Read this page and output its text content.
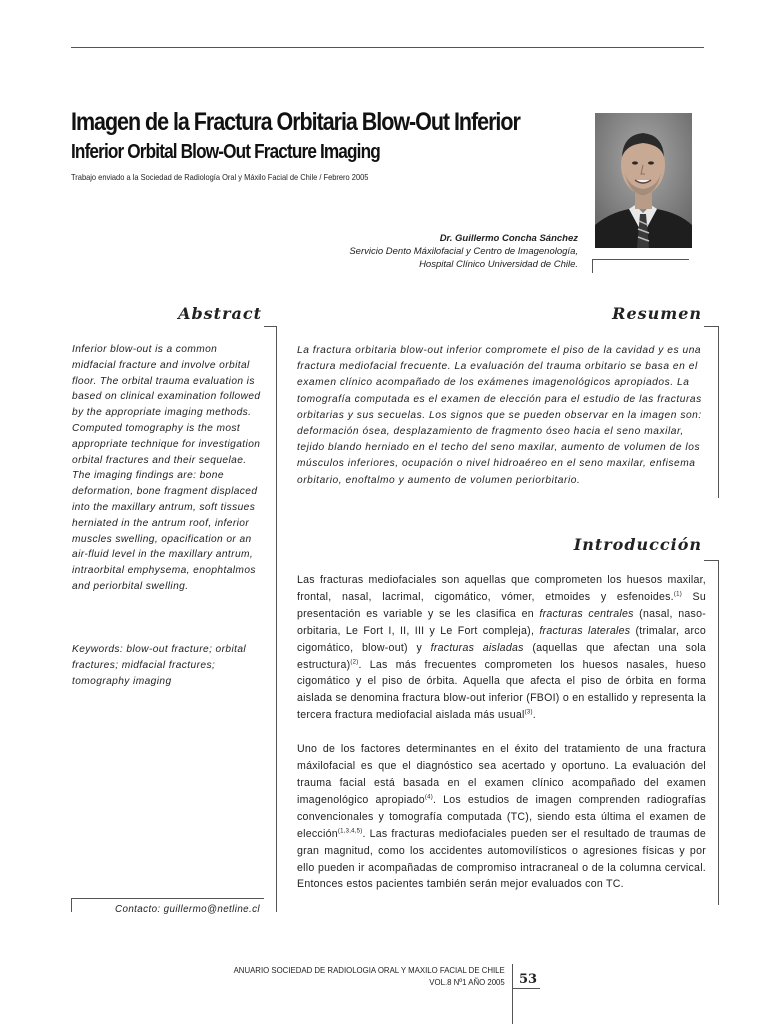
Imagen de la Fractura Orbitaria Blow-Out Inferior
Inferior Orbital Blow-Out Fracture Imaging
Trabajo enviado a la Sociedad de Radiología Oral y Máxilo Facial de Chile / Febrero 2005
Dr. Guillermo Concha Sánchez
Servicio Dento Máxilofacial y Centro de Imagenología,
Hospital Clínico Universidad de Chile.
Abstract
Inferior blow-out is a common midfacial fracture and involve orbital floor. The orbital trauma evaluation is based on clinical examination followed by the appropriate imaging methods. Computed tomography is the most appropriate technique for investigation orbital fractures and their sequelae. The imaging findings are: bone deformation, bone fragment displaced into the maxillary antrum, soft tissues herniated in the antrum roof, inferior muscles swelling, opacification or an air-fluid level in the maxillary antrum, intraorbital emphysema, enophtalmos and periorbital swelling.
Keywords: blow-out fracture; orbital fractures; midfacial fractures; tomography imaging
Contacto: guillermo@netline.cl
Resumen
La fractura orbitaria blow-out inferior compromete el piso de la cavidad y es una fractura mediofacial frecuente. La evaluación del trauma orbitario se basa en el examen clínico acompañado de los exámenes imagenológicos apropiados. La tomografía computada es el examen de elección para el estudio de las fracturas orbitarias y sus secuelas. Los signos que se pueden observar en la imagen son: deformación ósea, desplazamiento de fragmento óseo hacia el seno maxilar, tejido blando herniado en el techo del seno maxilar, aumento de volumen de los músculos inferiores, ocupación o nivel hidroaéreo en el seno maxilar, enfisema orbitario, enoftalmo y aumento de volumen periorbitario.
Introducción

Las fracturas mediofaciales son aquellas que comprometen los huesos maxilar, frontal, nasal, lacrimal, cigomático, vómer, etmoides y esfenoides.$^{(1)}$ Su presentación es variable y se les clasifica en fracturas centrales (nasal, naso-orbitaria, Le Fort I, II, III y Le Fort compleja), fracturas laterales (trimalar, arco cigomático, blow-out) y fracturas aisladas (aquellas que afectan una sola estructura)$^{(2)}$. Las más frecuentes comprometen los huesos nasales, hueso cigomático y el piso de órbita. Aquella que afecta el piso de órbita en forma aislada se denomina fractura blow-out inferior (FBOI) o en estallido y representa la tercera fractura mediofacial aislada más usual$^{(3)}$.

Uno de los factores determinantes en el éxito del tratamiento de una fractura máxilofacial es que el diagnóstico sea acertado y oportuno. La evaluación del trauma facial está basada en el examen clínico acompañado del examen imagenológico apropiado$^{(4)}$. Los estudios de imagen comprenden radiografías convencionales y tomografía computada (TC), siendo esta última el examen de elección$^{(1,3,4,5)}$. Las fracturas mediofaciales pueden ser el resultado de traumas de gran magnitud, como los accidentes automovilísticos o agresiones físicas y por ello pueden ir acompañadas de compromiso intracraneal o de la columna cervical. Entonces estos pacientes también serán mejor evaluados con TC.

ANUARIO SOCIEDAD DE RADIOLOGIA ORAL Y MAXILO FACIAL DE CHILE
VOL.8 Nº1 AÑO 2005 53
